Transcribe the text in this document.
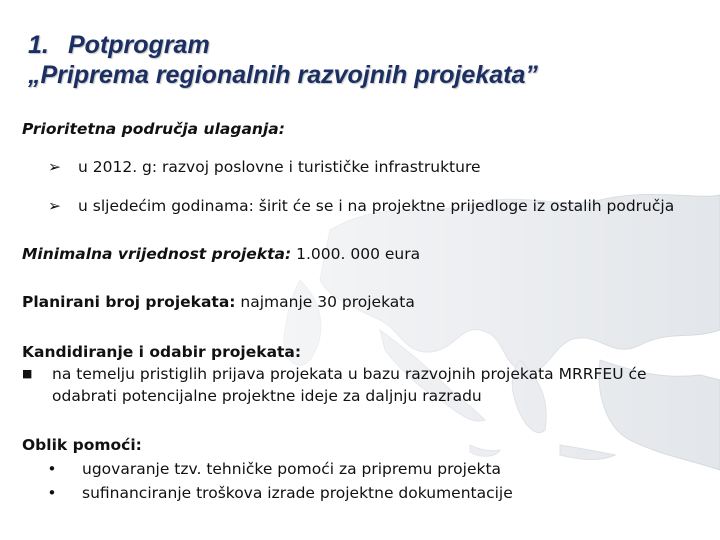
1. Potprogram
„Priprema regionalnih razvojnih projekata”
Prioritetna područja ulaganja:
➢ u 2012. g: razvoj poslovne i turističke infrastrukture
➢ u sljedećim godinama: širit će se i na projektne prijedloge iz ostalih područja
Minimalna vrijednost projekta: 1.000. 000 eura
Planirani broj projekata: najmanje 30 projekata
Kandidiranje i odabir projekata:
■ na temelju pristiglih prijava projekata u bazu razvojnih projekata MRRFEU će
odabrati potencijalne projektne ideje za daljnju razradu
Oblik pomoći:
• ugovaranje tzv. tehničke pomoći za pripremu projekta
• sufinanciranje troškova izrade projektne dokumentacije
